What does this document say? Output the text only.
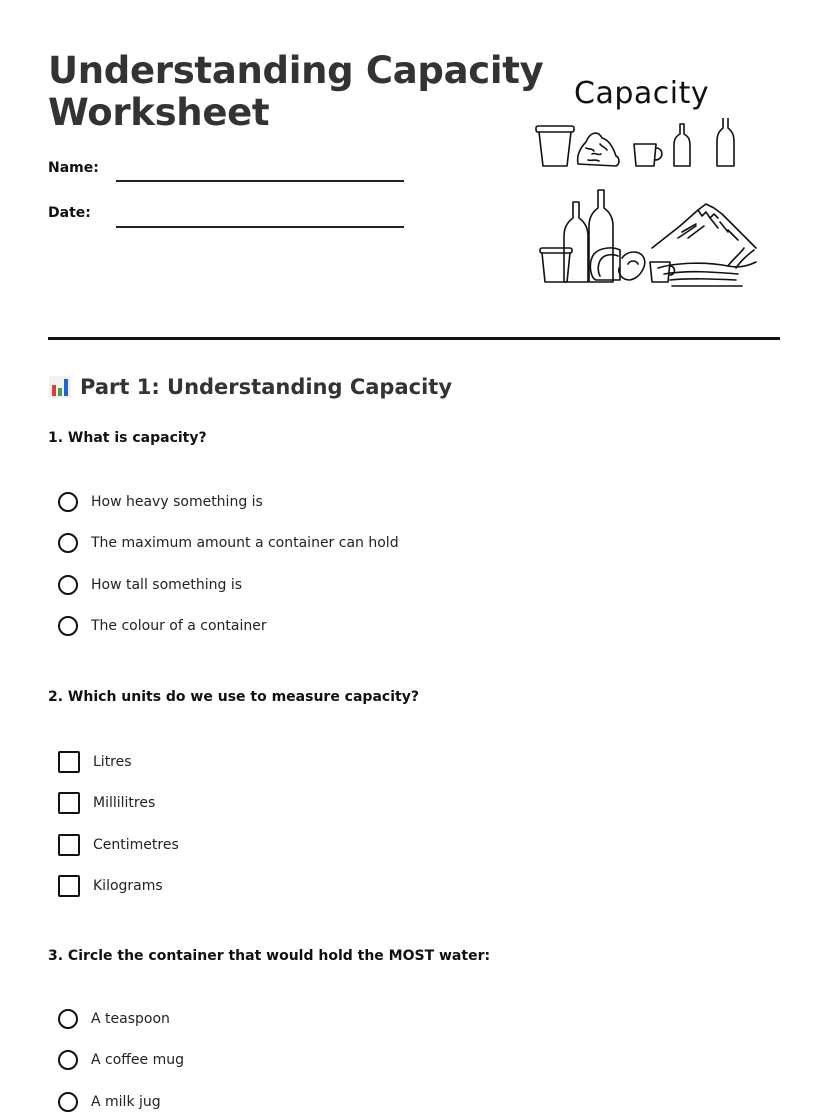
Understanding Capacity
Worksheet
Name:
Date:
Capacity
Part 1: Understanding Capacity

1. What is capacity?

How heavy something is
The maximum amount a container can hold
How tall something is
The colour of a container

2. Which units do we use to measure capacity?

Litres
Millilitres
Centimetres
Kilograms

3. Circle the container that would hold the MOST water:

A teaspoon
A coffee mug
A milk jug
